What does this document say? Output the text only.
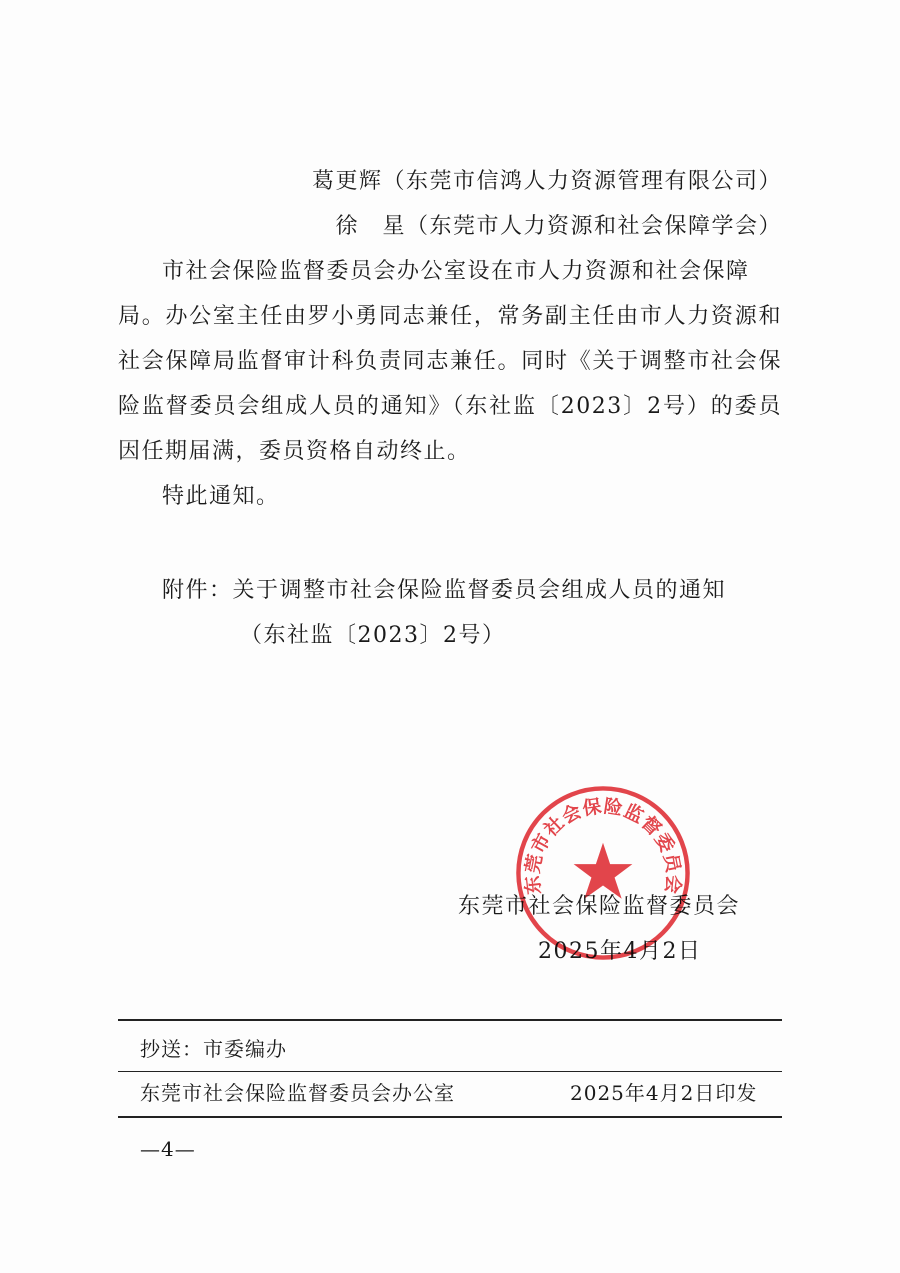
葛更辉（东莞市信鸿人力资源管理有限公司）
徐　星（东莞市人力资源和社会保障学会）
市社会保险监督委员会办公室设在市人力资源和社会保障
局。办公室主任由罗小勇同志兼任，常务副主任由市人力资源和
社会保障局监督审计科负责同志兼任。同时《关于调整市社会保
险监督委员会组成人员的通知》（东社监〔2023〕2号）的委员
因任期届满，委员资格自动终止。
特此通知。
附件：关于调整市社会保险监督委员会组成人员的通知
（东社监〔2023〕2号）
东莞市社会保险监督委员会
2025年4月2日
东莞市社会保险监督委员会
抄送：市委编办
东莞市社会保险监督委员会办公室	2025年4月2日印发
—4—
